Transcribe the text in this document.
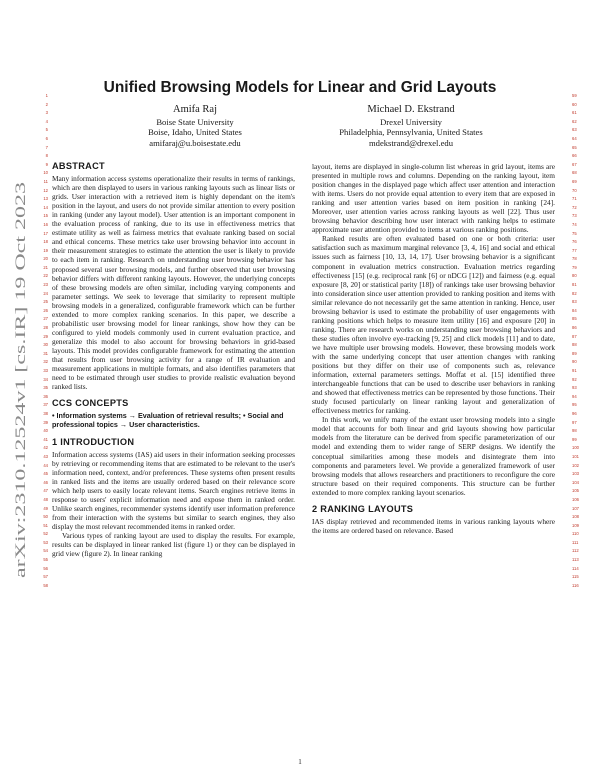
arXiv:2310.12524v1 [cs.IR] 19 Oct 2023
1
2
3
4
5
6
7
8
9
10
11
12
13
14
15
16
17
18
19
20
21
22
23
24
25
26
27
28
29
30
31
32
33
34
35
36
37
38
39
40
41
42
43
44
45
46
47
48
49
50
51
52
53
54
55
56
57
58
59
60
61
62
63
64
65
66
67
68
69
70
71
72
73
74
75
76
77
78
79
80
81
82
83
84
85
86
87
88
89
90
91
92
93
94
95
96
97
98
99
100
101
102
103
104
105
106
107
108
109
110
111
112
113
114
115
116
Unified Browsing Models for Linear and Grid Layouts
Amifa Raj
Boise State University
Boise, Idaho, United States
amifaraj@u.boisestate.edu
Michael D. Ekstrand
Drexel University
Philadelphia, Pennsylvania, United States
mdekstrand@drexel.edu
ABSTRACT

Many information access systems operationalize their results in terms of rankings, which are then displayed to users in various ranking layouts such as linear lists or grids. User interaction with a retrieved item is highly dependant on the item's position in the layout, and users do not provide similar attention to every position in ranking (under any layout model). User attention is an important component in the evaluation process of ranking, due to its use in effectiveness metrics that estimate utility as well as fairness metrics that evaluate ranking based on social and ethical concerns. These metrics take user browsing behavior into account in their measurement strategies to estimate the attention the user is likely to provide to each item in ranking. Research on understanding user browsing behavior has proposed several user browsing models, and further observed that user browsing behavior differs with different ranking layouts. However, the underlying concepts of these browsing models are often similar, including varying components and parameter settings. We seek to leverage that similarity to represent multiple browsing models in a generalized, configurable framework which can be further extended to more complex ranking scenarios. In this paper, we describe a probabilistic user browsing model for linear rankings, show how they can be configured to yield models commonly used in current evaluation practice, and generalize this model to also account for browsing behaviors in grid-based layouts. This model provides configurable framework for estimating the attention that results from user browsing activity for a range of IR evaluation and measurement applications in multiple formats, and also identifies parameters that need to be estimated through user studies to provide realistic evaluation beyond ranked lists.

CCS CONCEPTS
• Information systems → Evaluation of retrieval results; • Social and professional topics → User characteristics.
1 INTRODUCTION

Information access systems (IAS) aid users in their information seeking processes by retrieving or recommending items that are estimated to be relevant to the user's information need, context, and/or preferences. These systems often present results in ranked lists and the items are usually ordered based on their relevance score which help users to easily locate relevant items. Search engines retrieve items in response to users' explicit information need and expose them in ranked order. Unlike search engines, recommender systems identify user information preference from their interaction with the systems but similar to search engines, they also display the most relevant recommended items in ranked order.

Various types of ranking layout are used to display the results. For example, results can be displayed in linear ranked list (figure 1) or they can be displayed in grid view (figure 2). In linear ranking

layout, items are displayed in single-column list whereas in grid layout, items are presented in multiple rows and columns. Depending on the ranking layout, item position changes in the displayed page which affect user attention and interaction with items. Users do not provide equal attention to every item that are exposed in ranking and user attention varies based on item position in ranking [24]. Moreover, user attention varies across ranking layouts as well [22]. Thus user browsing behavior describing how user interact with ranking helps to estimate approximate user attention provided to items at various ranking positions.

Ranked results are often evaluated based on one or both criteria: user satisfaction such as maximum marginal relevance [3, 4, 16] and social and ethical issues such as fairness [10, 13, 14, 17]. User browsing behavior is a significant component in evaluation metrics construction. Evaluation metrics regarding effectiveness [15] (e.g. reciprocal rank [6] or nDCG [12]) and fairness (e.g. equal exposure [8, 20] or statistical parity [18]) of rankings take user browsing behavior into consideration since user attention provided to ranking position and items with similar relevance do not necessarily get the same attention in ranking. Hence, user browsing behavior is used to estimate the probability of user engagements with ranking positions which helps to measure item utility [16] and exposure [20] in ranking. There are research works on understanding user browsing behaviors and these studies often involve eye-tracking [9, 25] and click models [11] and to date, we have multiple user browsing models. However, these browsing models work with the same underlying concept that user attention changes with ranking positions but they differ on their use of components such as, relevance information, external parameters settings. Moffat et al. [15] identified three interchangeable functions that can be used to describe user behaviors in ranking and showed that effectiveness metrics can be represented by those functions. Their study focused particularly on linear ranking layout and generalization of effectiveness metrics for ranking.

In this work, we unify many of the extant user browsing models into a single model that accounts for both linear and grid layouts showing how particular models from the literature can be derived from specific parameterization of our model and extending them to wider range of SERP designs. We identify the conceptual similarities among these models and disintegrate them into components and parameters level. We provide a generalized framework of user browsing models that allows researchers and practitioners to reconfigure the core structure based on their required components. This structure can be further extended to more complex ranking layout scenarios.

2 RANKING LAYOUTS

IAS display retrieved and recommended items in various ranking layouts where the items are ordered based on relevance. Based

1
